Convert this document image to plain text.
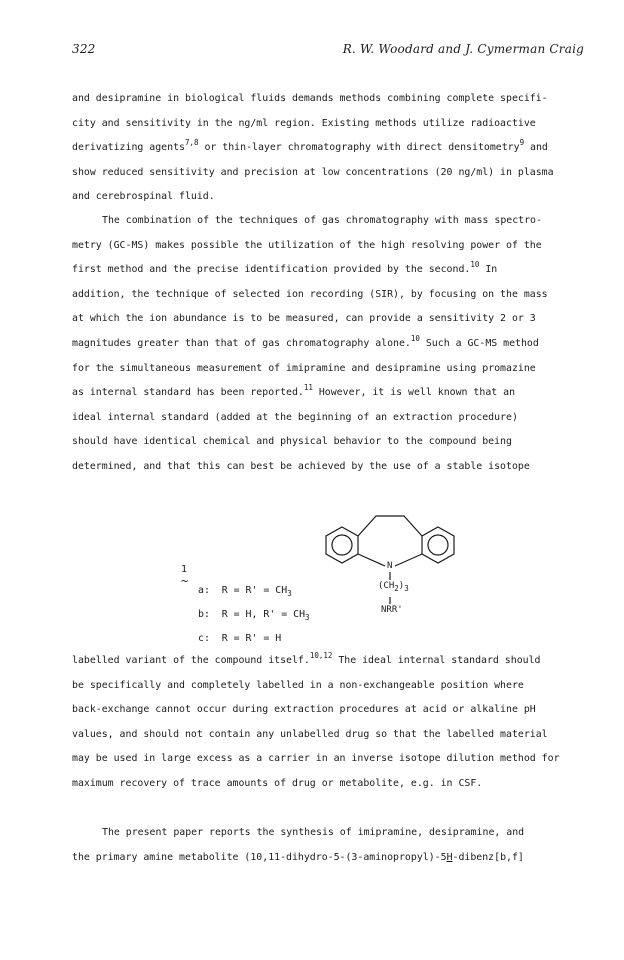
322	R. W. Woodard and J. Cymerman Craig
and desipramine in biological fluids demands methods combining complete specifi-
city and sensitivity in the ng/ml region. Existing methods utilize radioactive
derivatizing agents$^{7,8}$ or thin-layer chromatography with direct densitometry$^9$ and
show reduced sensitivity and precision at low concentrations (20 ng/ml) in plasma
and cerebrospinal fluid.
The combination of the techniques of gas chromatography with mass spectro-
metry (GC-MS) makes possible the utilization of the high resolving power of the
first method and the precise identification provided by the second.$^{10}$ In
addition, the technique of selected ion recording (SIR), by focusing on the mass
at which the ion abundance is to be measured, can provide a sensitivity 2 or 3
magnitudes greater than that of gas chromatography alone.$^{10}$ Such a GC-MS method
for the simultaneous measurement of imipramine and desipramine using promazine
as internal standard has been reported.$^{11}$ However, it is well known that an
ideal internal standard (added at the beginning of an extraction procedure)
should have identical chemical and physical behavior to the compound being
determined, and that this can best be achieved by the use of a stable isotope
N
$(CH_2)_3$
NRR'
1
~
a: $R = R' = CH_3$
b: R = H, $R' = CH_3$
c: R = R' = H
labelled variant of the compound itself.$^{10,12}$ The ideal internal standard should
be specifically and completely labelled in a non-exchangeable position where
back-exchange cannot occur during extraction procedures at acid or alkaline pH
values, and should not contain any unlabelled drug so that the labelled material
may be used in large excess as a carrier in an inverse isotope dilution method for
maximum recovery of trace amounts of drug or metabolite, e.g. in CSF.
The present paper reports the synthesis of imipramine, desipramine, and
the primary amine metabolite (10,11-dihydro-5-(3-aminopropyl)-5H-dibenz[b,f]
